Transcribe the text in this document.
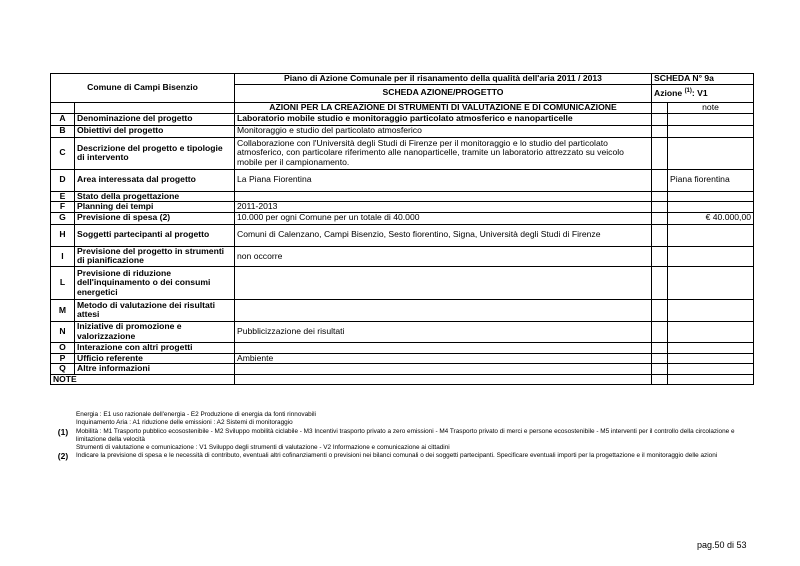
Comune di Campi Bisenzio		Piano di Azione Comunale per il risanamento della qualità dell'aria 2011 / 2013	SCHEDA N° 9a	
		SCHEDA AZIONE/PROGETTO	Azione $^{(1)}$: V1	
		AZIONI PER LA CREAZIONE DI STRUMENTI DI VALUTAZIONE E DI COMUNICAZIONE		note
A	Denominazione del progetto	Laboratorio mobile studio e monitoraggio particolato atmosferico e nanoparticelle		
B	Obiettivi del progetto	Monitoraggio e studio del particolato atmosferico		
C	Descrizione del progetto e tipologie di intervento	Collaborazione con l'Università degli Studi di Firenze per il monitoraggio e lo studio del particolato atmosferico, con particolare riferimento alle nanoparticelle, tramite un laboratorio attrezzato su veicolo mobile per il campionamento.		
D	Area interessata dal progetto	La Piana Fiorentina		Piana fiorentina
E	Stato della progettazione			
F	Planning dei tempi	2011-2013		
G	Previsione di spesa (2)	10.000 per ogni Comune per un totale di 40.000		€ 40.000,00
H	Soggetti partecipanti al progetto	Comuni di Calenzano, Campi Bisenzio, Sesto fiorentino, Signa, Università degli Studi di Firenze		
I	Previsione del progetto in strumenti di pianificazione	non occorre		
L	Previsione di riduzione dell'inquinamento o dei consumi energetici			
M	Metodo di valutazione dei risultati attesi			
N	Iniziative di promozione e valorizzazione	Pubblicizzazione dei risultati		
O	Interazione con altri progetti			
P	Ufficio referente	Ambiente		
Q	Altre informazioni			
NOTE				
Energia : E1 uso razionale dell'energia - E2 Produzione di energia da fonti rinnovabili
Inquinamento Aria : A1 riduzione delle emissioni : A2 Sistemi di monitoraggio
(1)	Mobilità : M1 Trasporto pubblico ecosostenibile - M2 Sviluppo mobilità ciclabile - M3 Incentivi trasporto privato a zero emissioni - M4 Trasporto privato di merci e persone ecosostenibile - M5 interventi per il controllo della circolazione e limitazione della velocità
Strumenti di valutazione e comunicazione : V1 Sviluppo degli strumenti di valutazione - V2 Informazione e comunicazione ai cittadini
(2)	Indicare la previsione di spesa e le necessità di contributo, eventuali altri cofinanziamenti o previsioni nei bilanci comunali o dei soggetti partecipanti. Specificare eventuali importi per la progettazione e il monitoraggio delle azioni
pag.50 di 53
